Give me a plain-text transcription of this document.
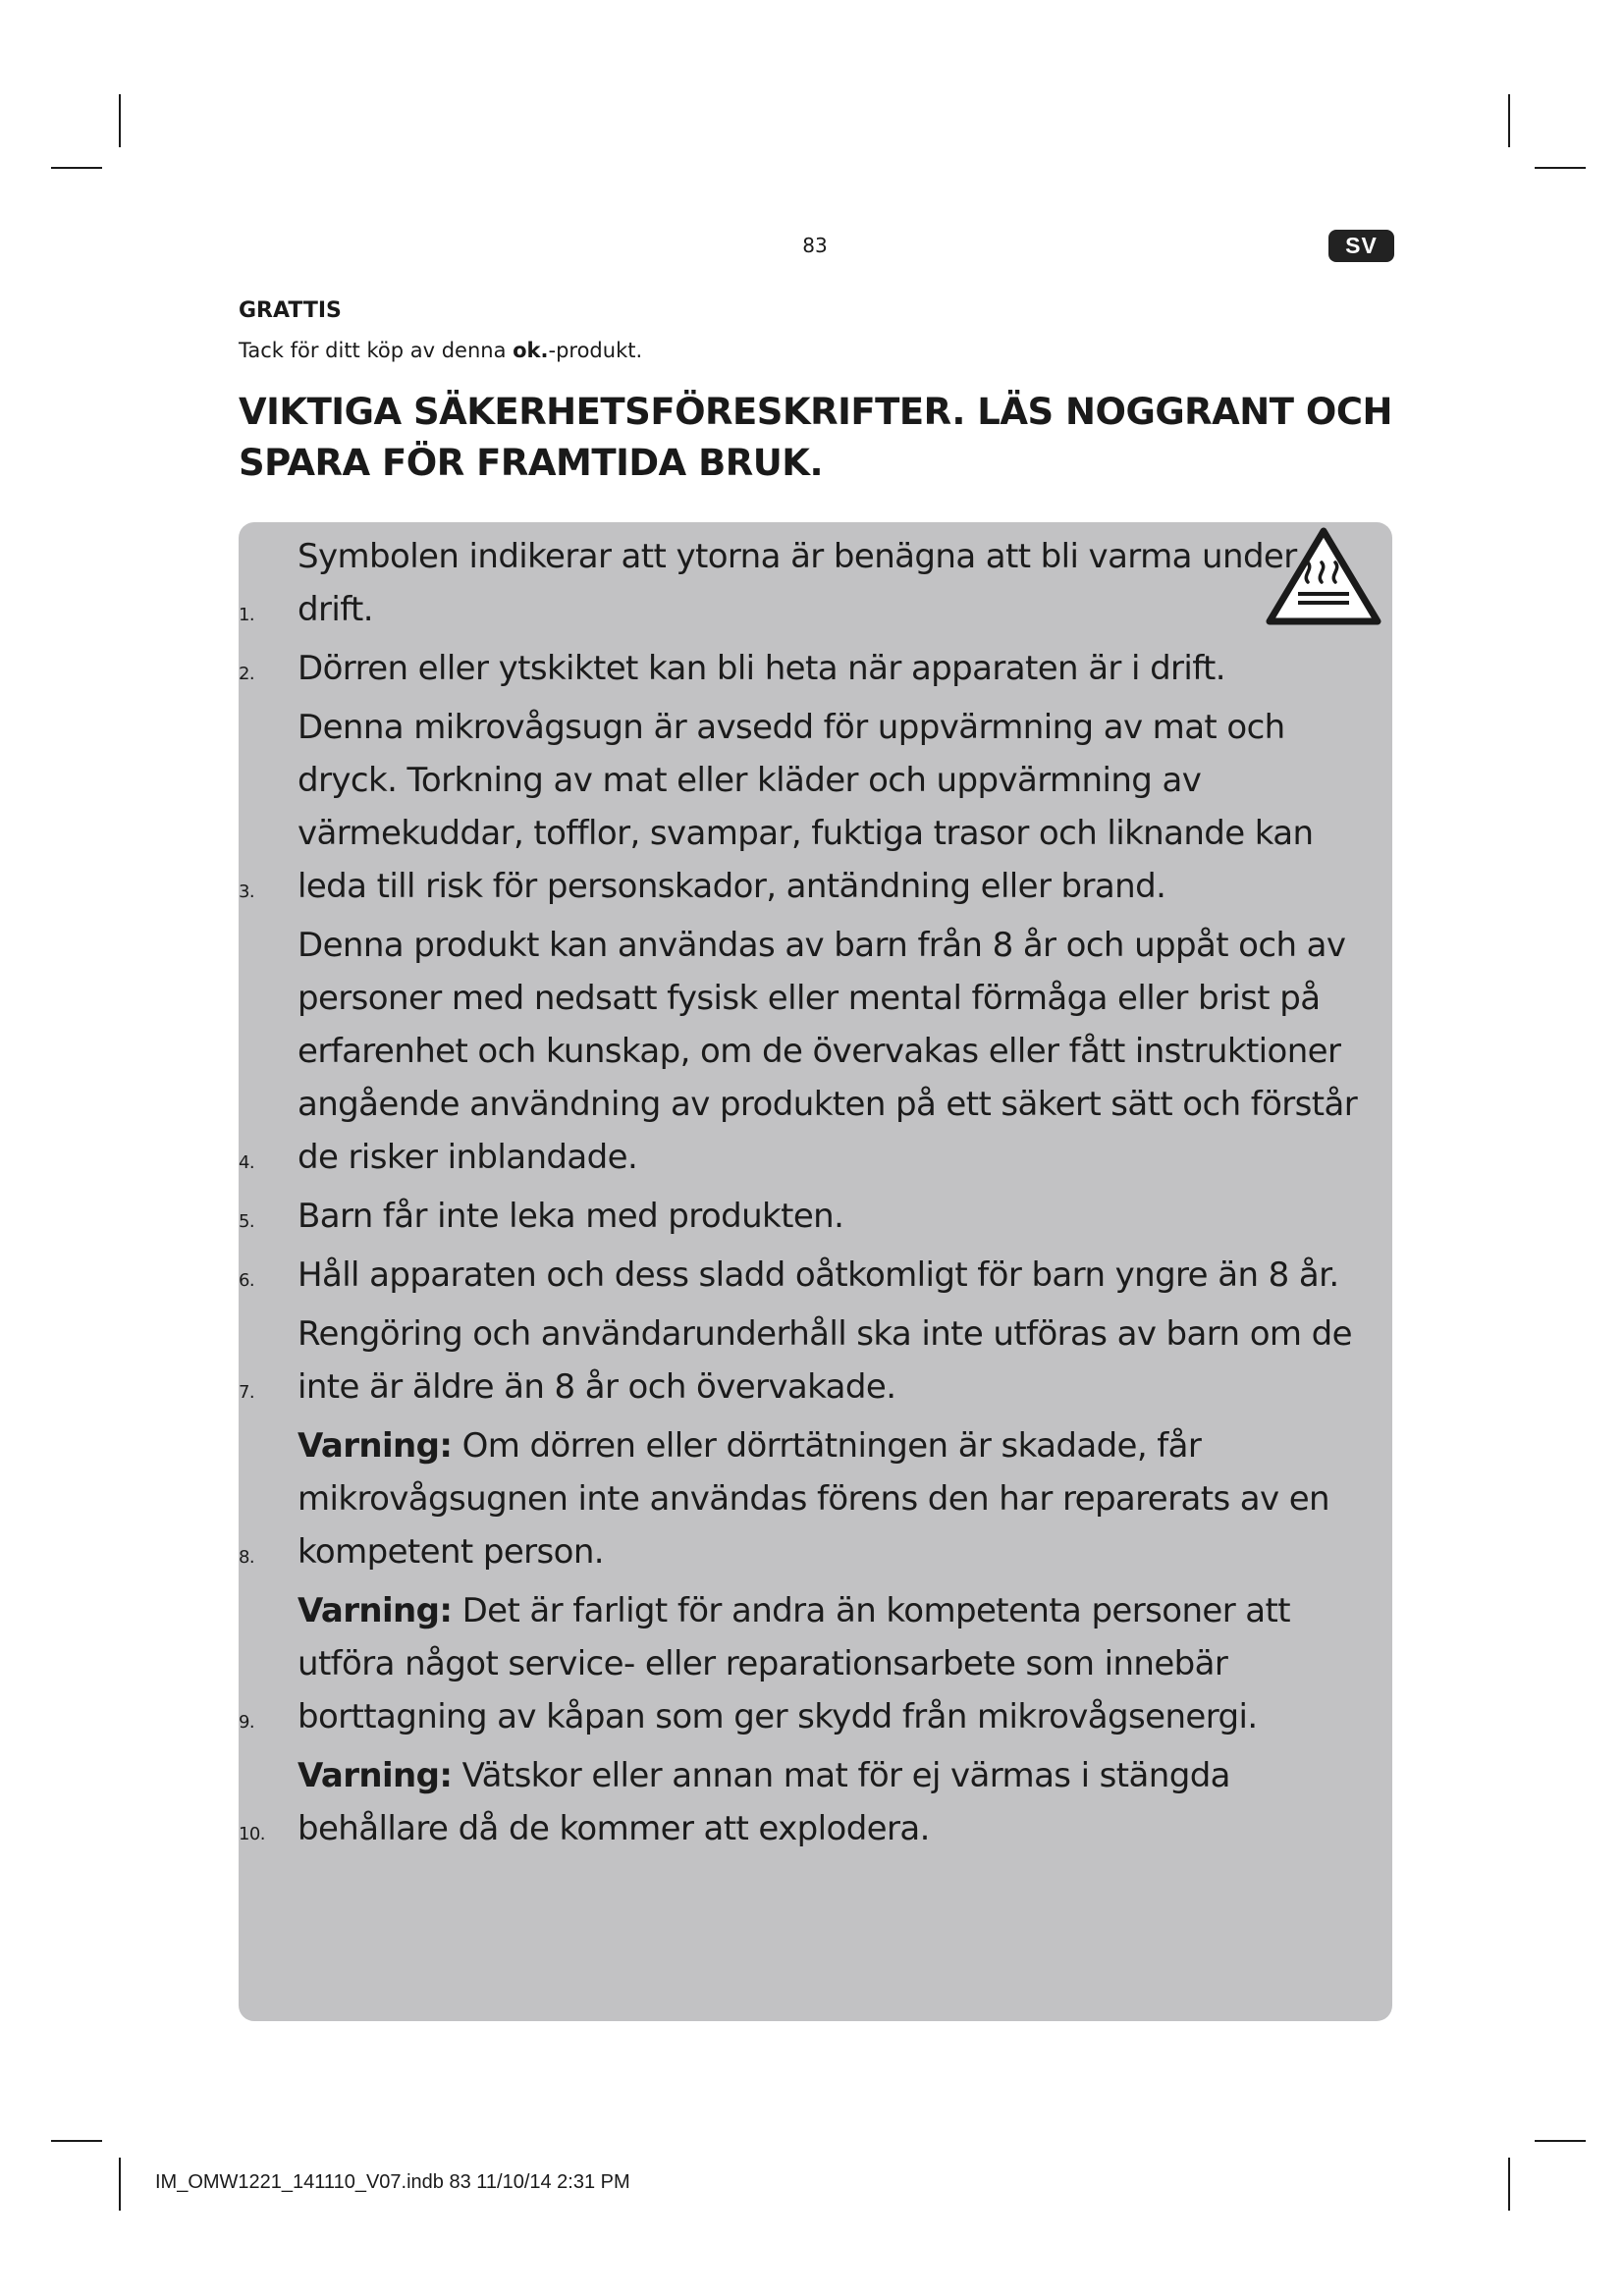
83	SV
GRATTIS
Tack för ditt köp av denna ok.-produkt.
VIKTIGA SÄKERHETSFÖRESKRIFTER. LÄS NOGGRANT OCH SPARA FÖR FRAMTIDA BRUK.
1.
Symbolen indikerar att ytorna är benägna att bli varma under drift.
2. Dörren eller ytskiktet kan bli heta när apparaten är i drift.
3.
Denna mikrovågsugn är avsedd för uppvärmning av mat och dryck. Torkning av mat eller kläder och uppvärmning av värmekuddar, tofflor, svampar, fuktiga trasor och liknande kan leda till risk för personskador, antändning eller brand.
4.
Denna produkt kan användas av barn från 8 år och uppåt och av personer med nedsatt fysisk eller mental förmåga eller brist på erfarenhet och kunskap, om de övervakas eller fått instruktioner angående användning av produkten på ett säkert sätt och förstår de risker inblandade.
5. Barn får inte leka med produkten.
6. Håll apparaten och dess sladd oåtkomligt för barn yngre än 8 år.
7.
Rengöring och användarunderhåll ska inte utföras av barn om de inte är äldre än 8 år och övervakade.
8.
Varning: Om dörren eller dörrtätningen är skadade, får mikrovågsugnen inte användas förens den har reparerats av en kompetent person.
9.
Varning: Det är farligt för andra än kompetenta personer att utföra något service- eller reparationsarbete som innebär borttagning av kåpan som ger skydd från mikrovågsenergi.
10.
Varning: Vätskor eller annan mat för ej värmas i stängda behållare då de kommer att explodera.
IM_OMW1221_141110_V07.indb 83 11/10/14 2:31 PM
